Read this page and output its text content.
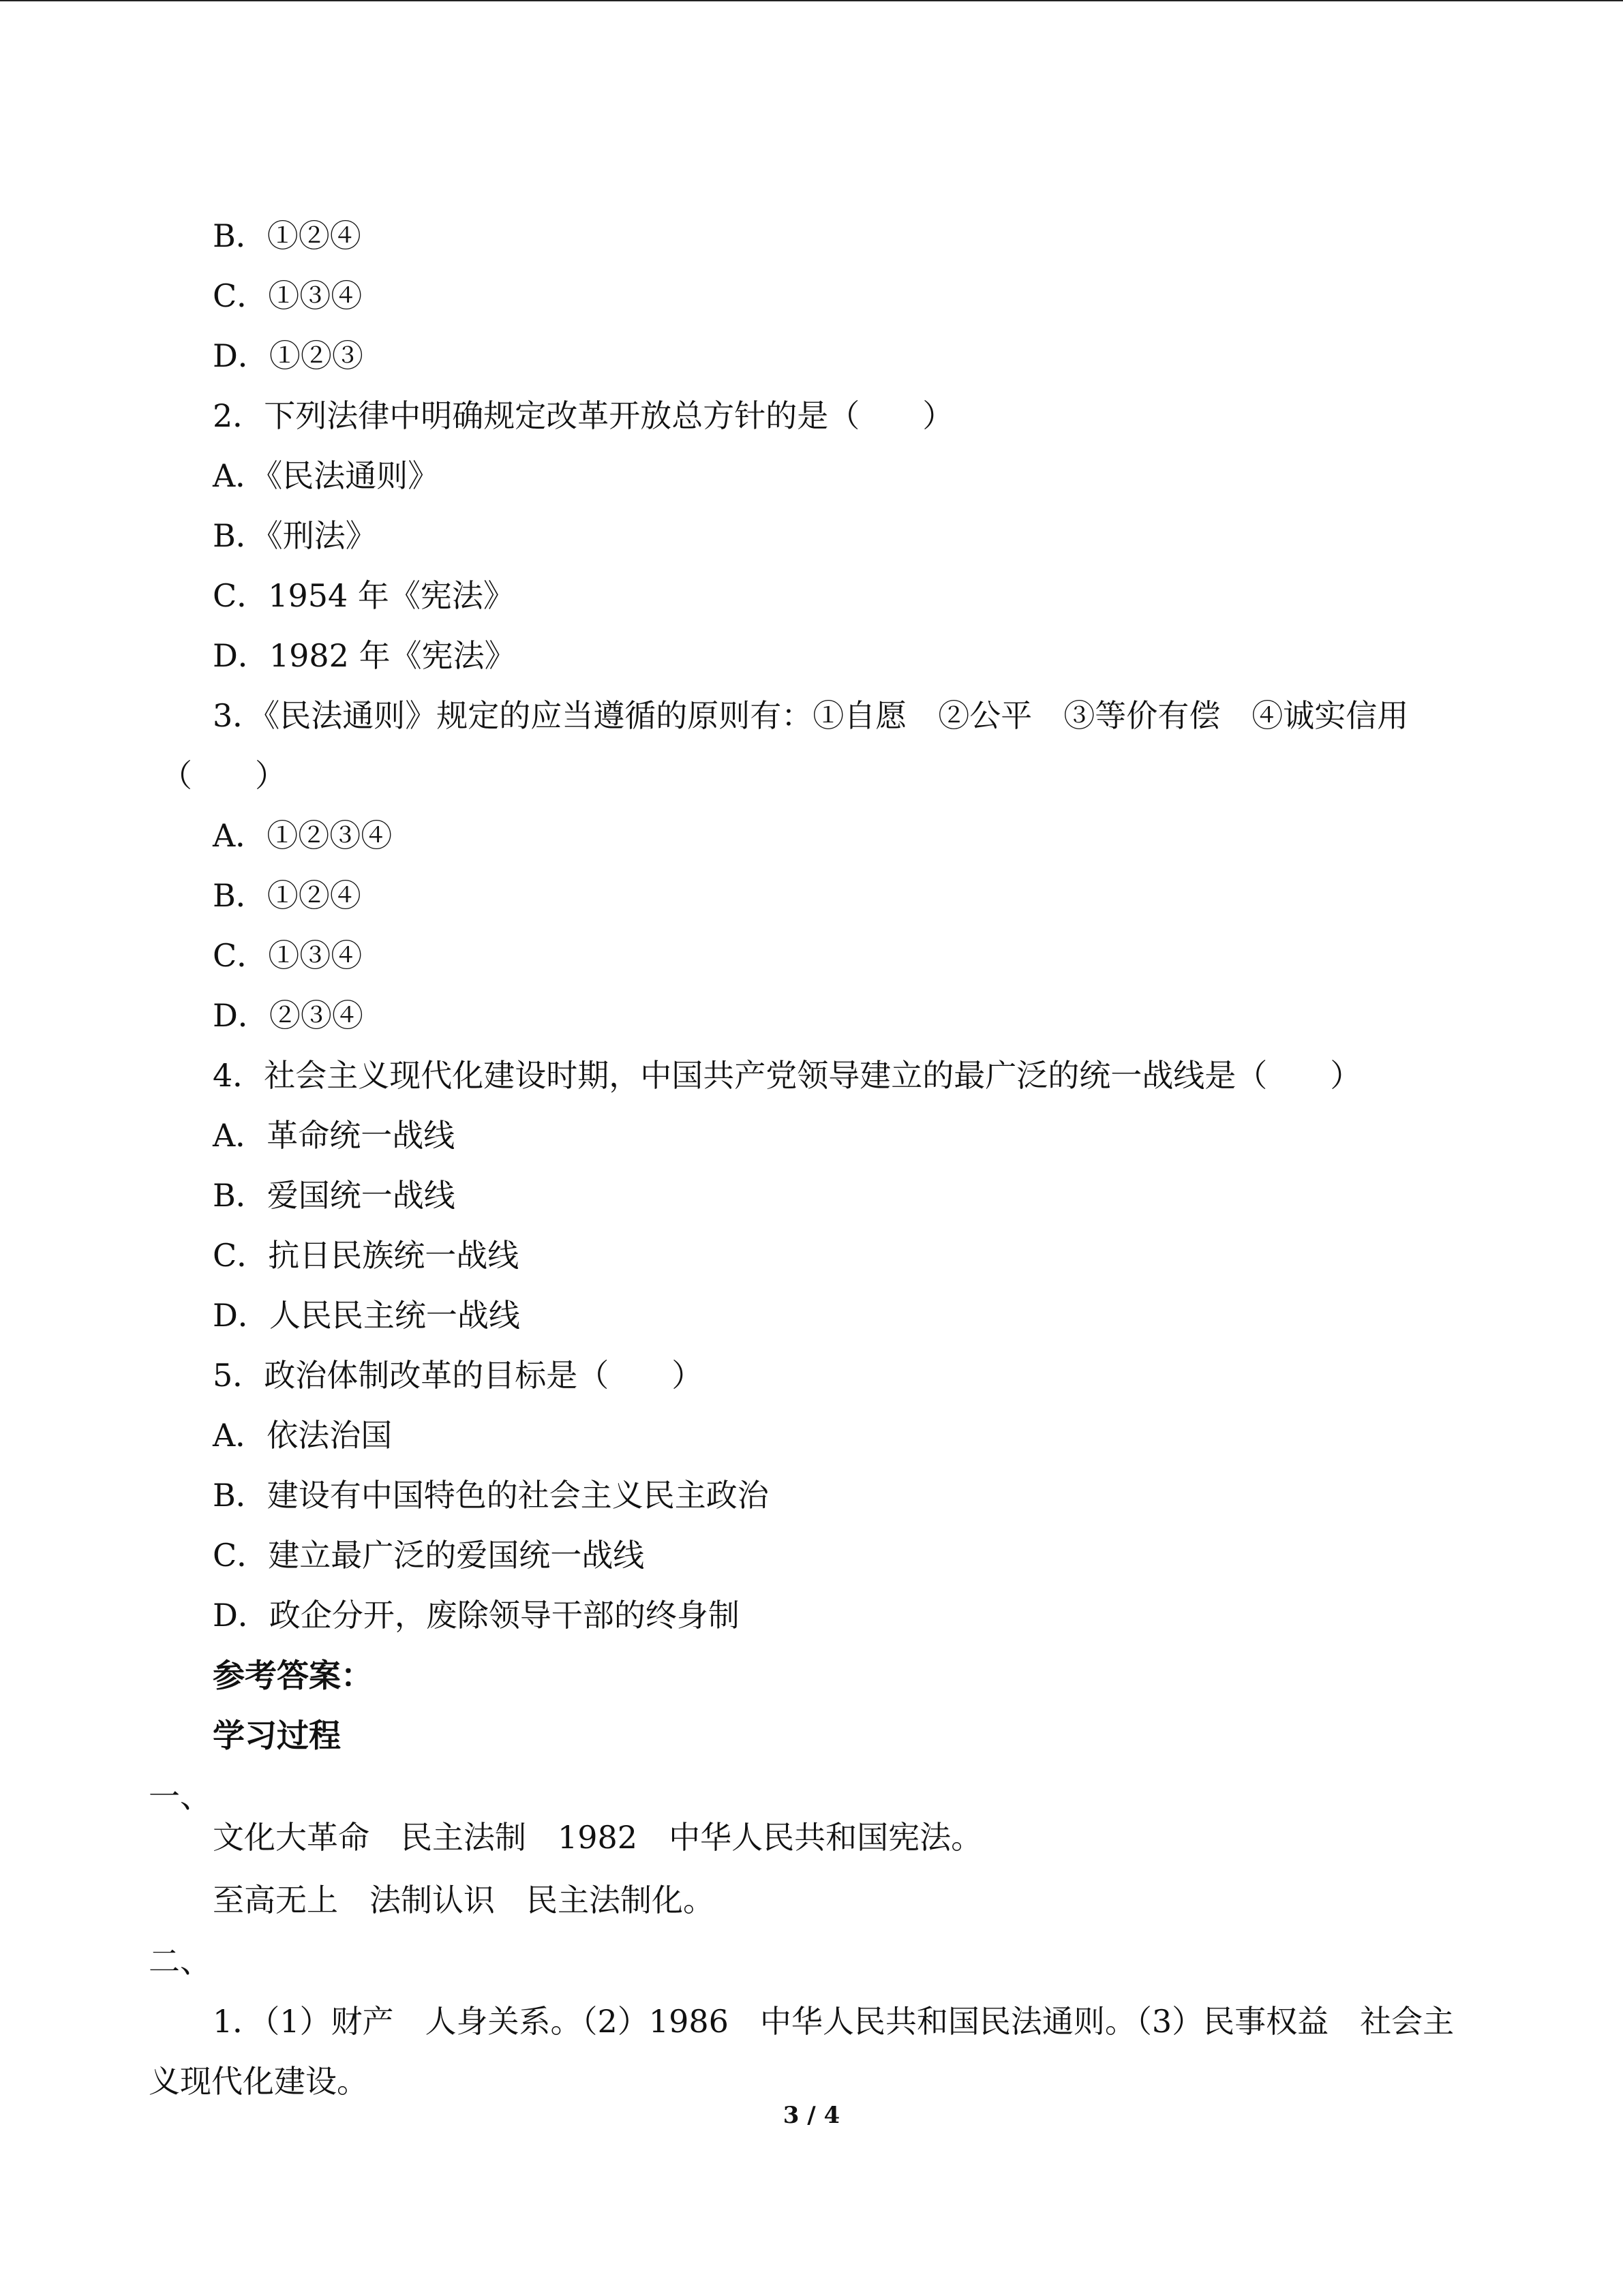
B．①②④
C．①③④
D．①②③
2．下列法律中明确规定改革开放总方针的是（　　）
A．《民法通则》
B．《刑法》
C．1954 年《宪法》
D．1982 年《宪法》
3．《民法通则》规定的应当遵循的原则有：①自愿　②公平　③等价有偿　④诚实信用
（　　）
A．①②③④
B．①②④
C．①③④
D．②③④
4．社会主义现代化建设时期，中国共产党领导建立的最广泛的统一战线是（　　）
A．革命统一战线
B．爱国统一战线
C．抗日民族统一战线
D．人民民主统一战线
5．政治体制改革的目标是（　　）
A．依法治国
B．建设有中国特色的社会主义民主政治
C．建立最广泛的爱国统一战线
D．政企分开，废除领导干部的终身制
参考答案：
学习过程
一、
文化大革命　民主法制　1982　中华人民共和国宪法。
至高无上　法制认识　民主法制化。
二、
1．（1）财产　人身关系。（2）1986　中华人民共和国民法通则。（3）民事权益　社会主
义现代化建设。
3 / 4
